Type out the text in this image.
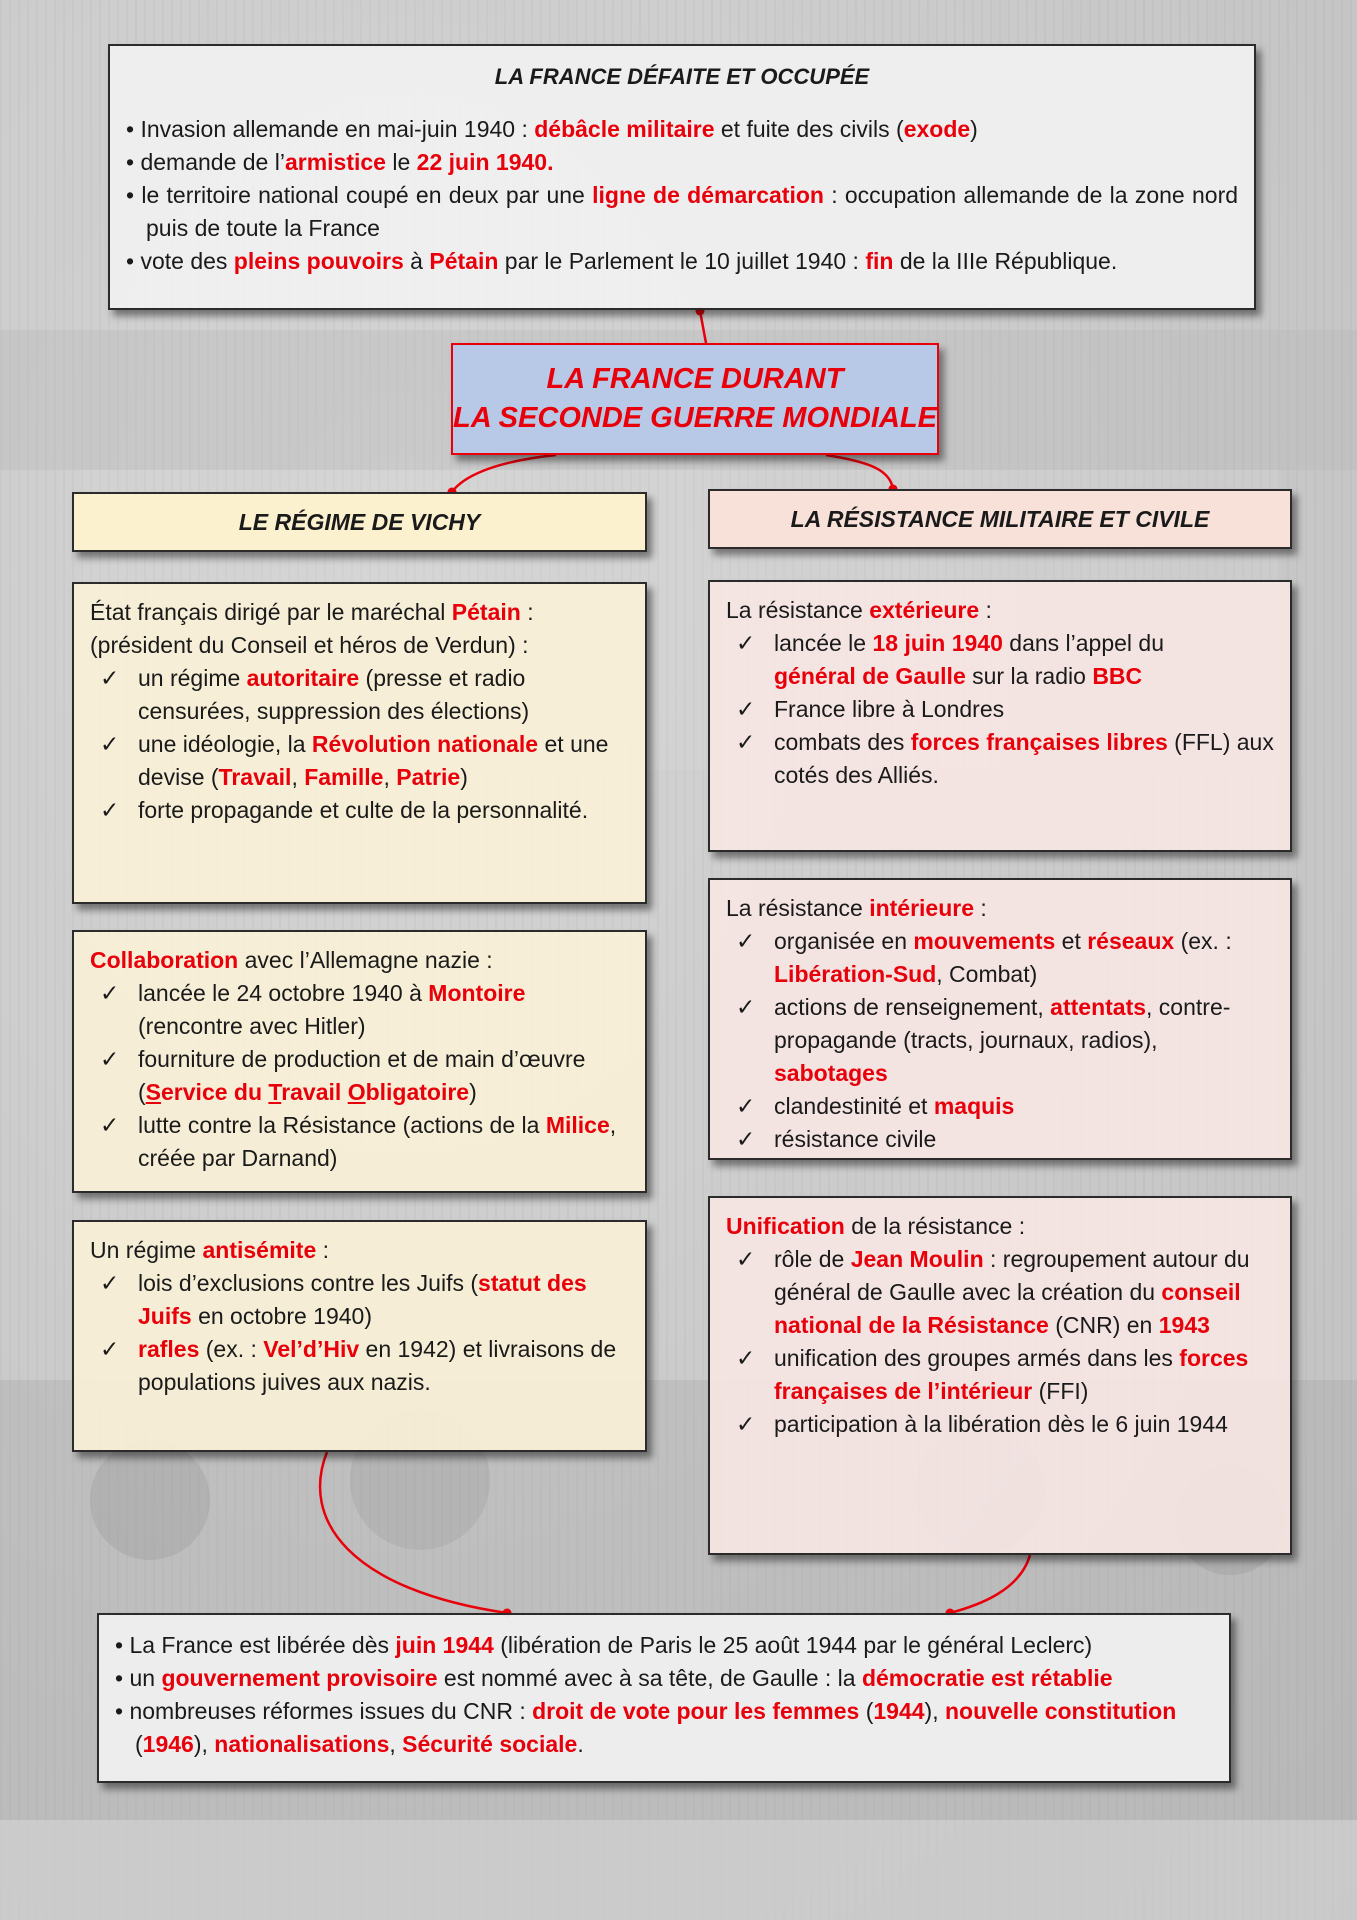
LA FRANCE DÉFAITE ET OCCUPÉE
• Invasion allemande en mai-juin 1940 : débâcle militaire et fuite des civils (exode)
• demande de l’armistice le 22 juin 1940.
• le territoire national coupé en deux par une ligne de démarcation : occupation allemande de la zone nord puis de toute la France
• vote des pleins pouvoirs à Pétain par le Parlement le 10 juillet 1940 : fin de la IIIe République.
LA FRANCE DURANT
LA SECONDE GUERRE MONDIALE
LE RÉGIME DE VICHY	LA RÉSISTANCE MILITAIRE ET CIVILE
État français dirigé par le maréchal Pétain :
(président du Conseil et héros de Verdun) :
✓ un régime autoritaire (presse et radio censurées, suppression des élections)
✓ une idéologie, la Révolution nationale et une devise (Travail, Famille, Patrie)
✓ forte propagande et culte de la personnalité.
Collaboration avec l’Allemagne nazie :
✓ lancée le 24 octobre 1940 à Montoire (rencontre avec Hitler)
✓ fourniture de production et de main d’œuvre (Service du Travail Obligatoire)
✓ lutte contre la Résistance (actions de la Milice, créée par Darnand)
Un régime antisémite :
✓ lois d’exclusions contre les Juifs (statut des Juifs en octobre 1940)
✓ rafles (ex. : Vel’d’Hiv en 1942) et livraisons de populations juives aux nazis.
La résistance extérieure :
✓ lancée le 18 juin 1940 dans l’appel du général de Gaulle sur la radio BBC
✓ France libre à Londres
✓ combats des forces françaises libres (FFL) aux cotés des Alliés.
La résistance intérieure :
✓ organisée en mouvements et réseaux (ex. : Libération-Sud, Combat)
✓ actions de renseignement, attentats, contre-propagande (tracts, journaux, radios), sabotages
✓ clandestinité et maquis
✓ résistance civile
Unification de la résistance :
✓ rôle de Jean Moulin : regroupement autour du général de Gaulle avec la création du conseil national de la Résistance (CNR) en 1943
✓ unification des groupes armés dans les forces françaises de l’intérieur (FFI)
✓ participation à la libération dès le 6 juin 1944
• La France est libérée dès juin 1944 (libération de Paris le 25 août 1944 par le général Leclerc)
• un gouvernement provisoire est nommé avec à sa tête, de Gaulle : la démocratie est rétablie
• nombreuses réformes issues du CNR : droit de vote pour les femmes (1944), nouvelle constitution (1946), nationalisations, Sécurité sociale.
